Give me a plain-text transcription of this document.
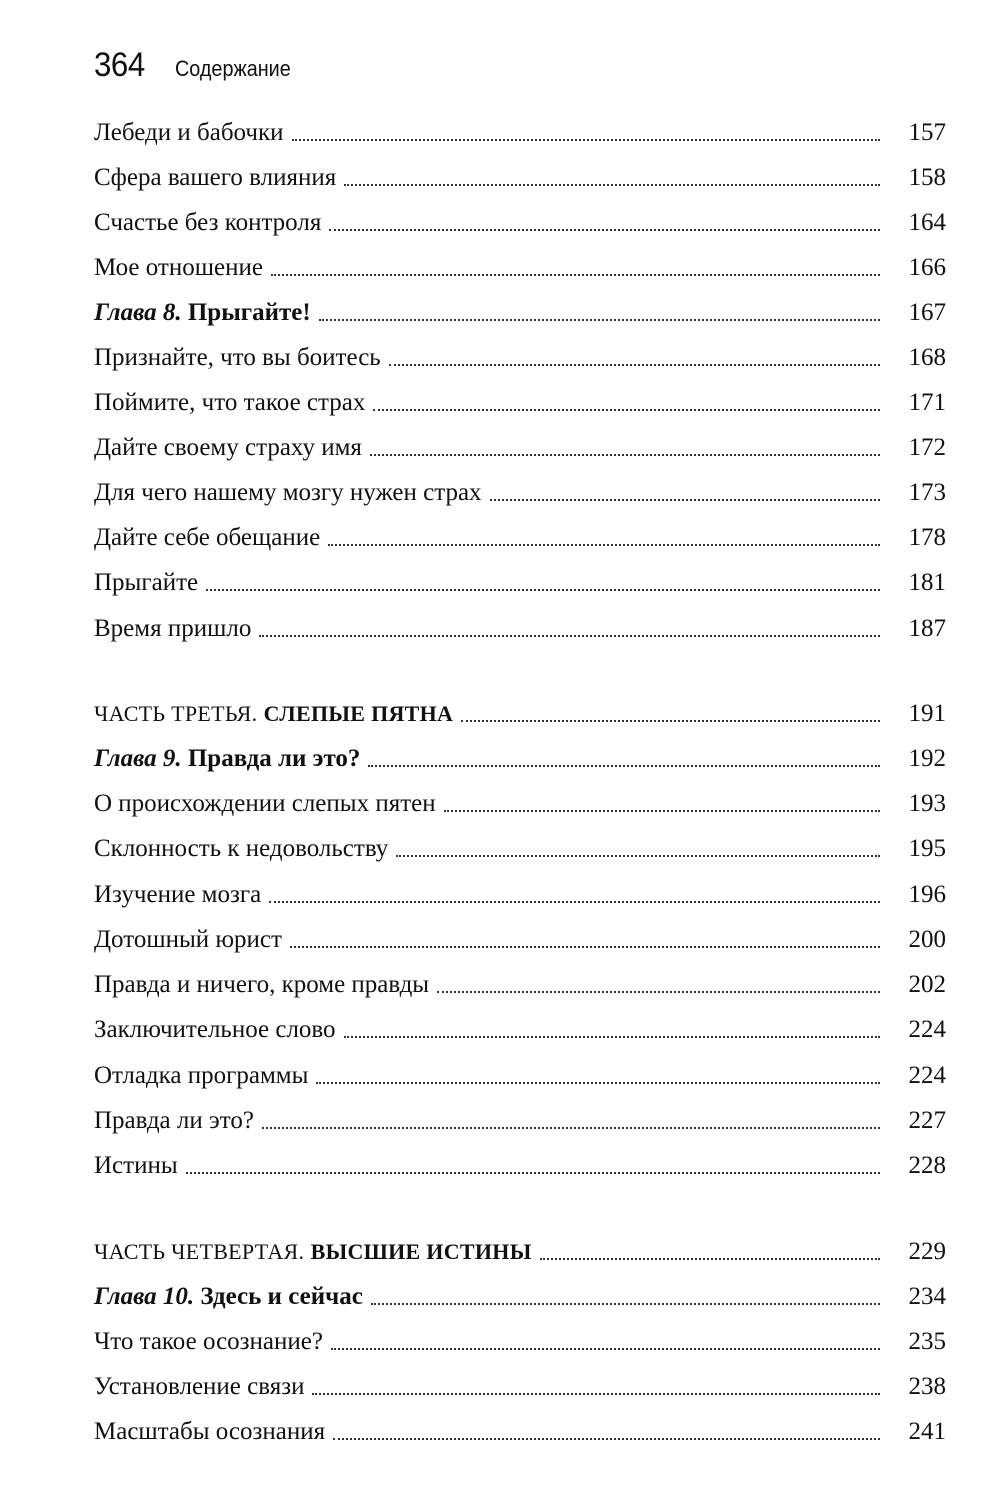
364 Содержание
Лебеди и бабочки	157
Сфера вашего влияния	158
Счастье без контроля	164
Мое отношение	166
Глава 8. Прыгайте!	167
Признайте, что вы боитесь	168
Поймите, что такое страх	171
Дайте своему страху имя	172
Для чего нашему мозгу нужен страх	173
Дайте себе обещание	178
Прыгайте	181
Время пришло	187
ЧАСТЬ ТРЕТЬЯ. СЛЕПЫЕ ПЯТНА	191
Глава 9. Правда ли это?	192
О происхождении слепых пятен	193
Склонность к недовольству	195
Изучение мозга	196
Дотошный юрист	200
Правда и ничего, кроме правды	202
Заключительное слово	224
Отладка программы	224
Правда ли это?	227
Истины	228
ЧАСТЬ ЧЕТВЕРТАЯ. ВЫСШИЕ ИСТИНЫ	229
Глава 10. Здесь и сейчас	234
Что такое осознание?	235
Установление связи	238
Масштабы осознания	241
